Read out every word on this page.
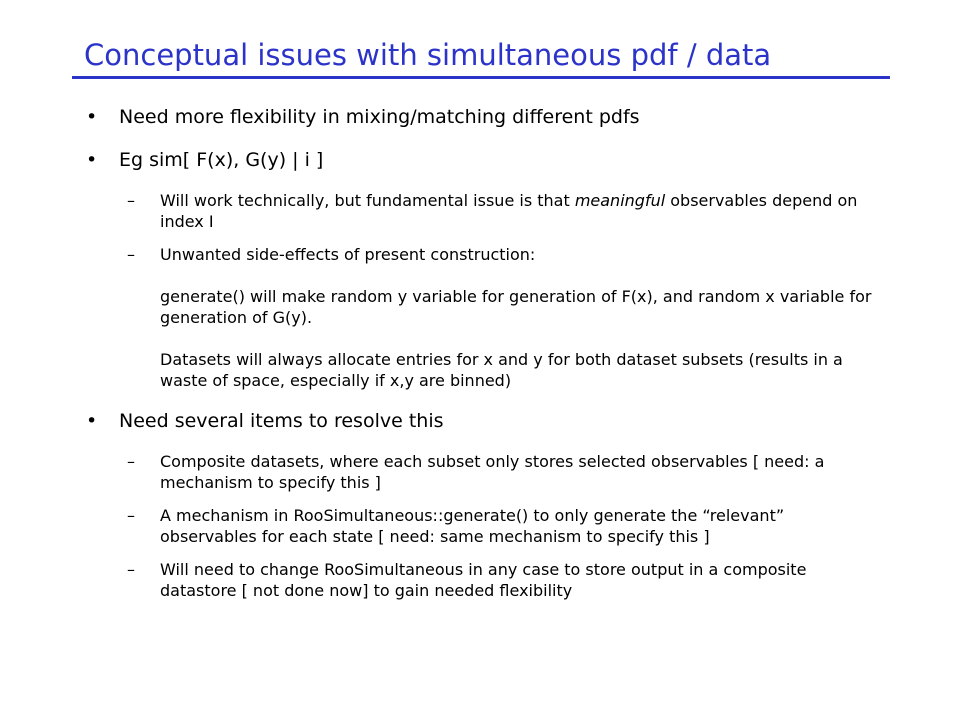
Conceptual issues with simultaneous pdf / data
• Need more flexibility in mixing/matching different pdfs
• Eg sim[ F(x), G(y) | i ]
– Will work technically, but fundamental issue is that meaningful observables depend on index I

– Unwanted side-effects of present construction:

generate() will make random y variable for generation of F(x), and random x variable for generation of G(y).

Datasets will always allocate entries for x and y for both dataset subsets (results in a waste of space, especially if x,y are binned)

• Need several items to resolve this
– Composite datasets, where each subset only stores selected observables [ need: a mechanism to specify this ]

– A mechanism in RooSimultaneous::generate() to only generate the “relevant” observables for each state [ need: same mechanism to specify this ]

– Will need to change RooSimultaneous in any case to store output in a composite datastore [ not done now] to gain needed flexibility
